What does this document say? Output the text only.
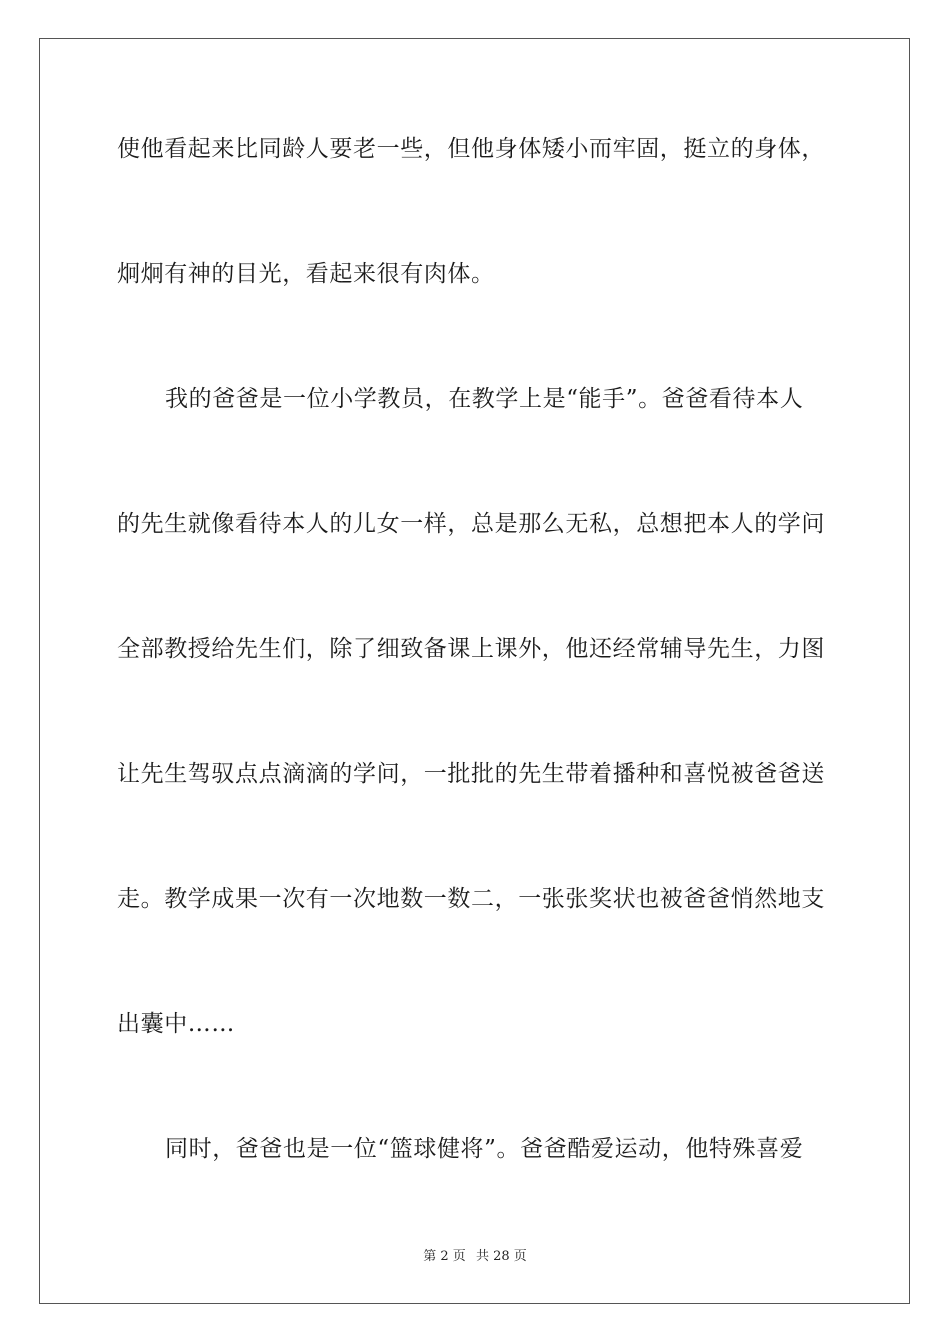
使他看起来比同龄人要老一些，但他身体矮小而牢固，挺立的身体，
炯炯有神的目光，看起来很有肉体。
我的爸爸是一位小学教员，在教学上是“能手”。爸爸看待本人
的先生就像看待本人的儿女一样，总是那么无私，总想把本人的学问
全部教授给先生们，除了细致备课上课外，他还经常辅导先生，力图
让先生驾驭点点滴滴的学问，一批批的先生带着播种和喜悦被爸爸送
走。教学成果一次有一次地数一数二，一张张奖状也被爸爸悄然地支
出囊中……
同时，爸爸也是一位“篮球健将”。爸爸酷爱运动，他特殊喜爱
第 2 页 共 28 页
